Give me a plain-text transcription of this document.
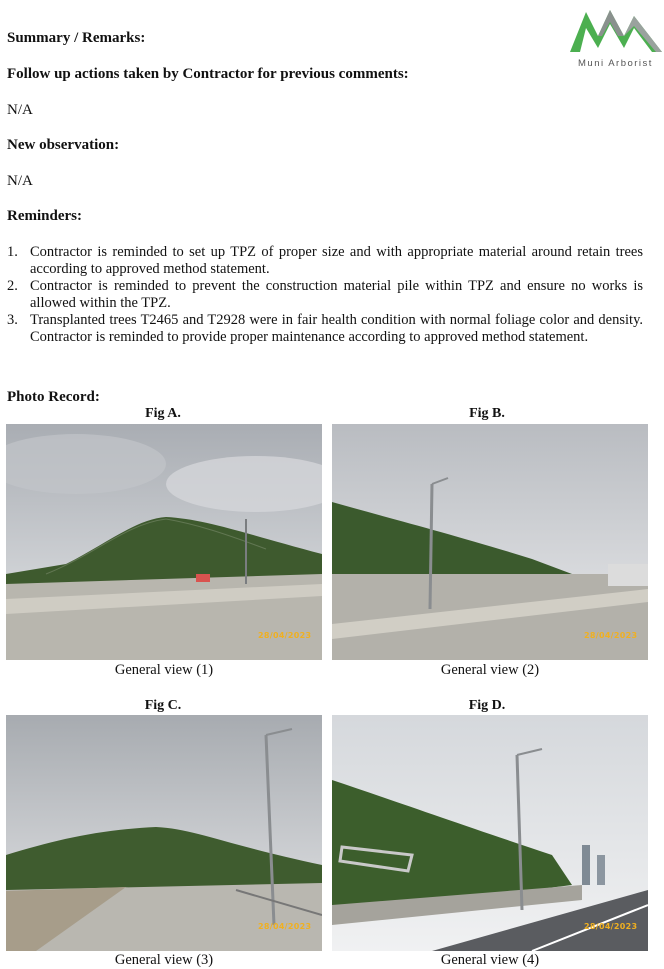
Muni Arborist

Summary / Remarks:

Follow up actions taken by Contractor for previous comments:

N/A

New observation:

N/A

Reminders:

1. Contractor is reminded to set up TPZ of proper size and with appropriate material around retain trees according to approved method statement.
2. Contractor is reminded to prevent the construction material pile within TPZ and ensure no works is allowed within the TPZ.
3. Transplanted trees T2465 and T2928 were in fair health condition with normal foliage color and density. Contractor is reminded to provide proper maintenance according to approved method statement.

Photo Record:

Fig A.
28/04/2023
General view (1)
Fig B.
28/04/2023
General view (2)
Fig C.
28/04/2023
General view (3)
Fig D.
28/04/2023
General view (4)
